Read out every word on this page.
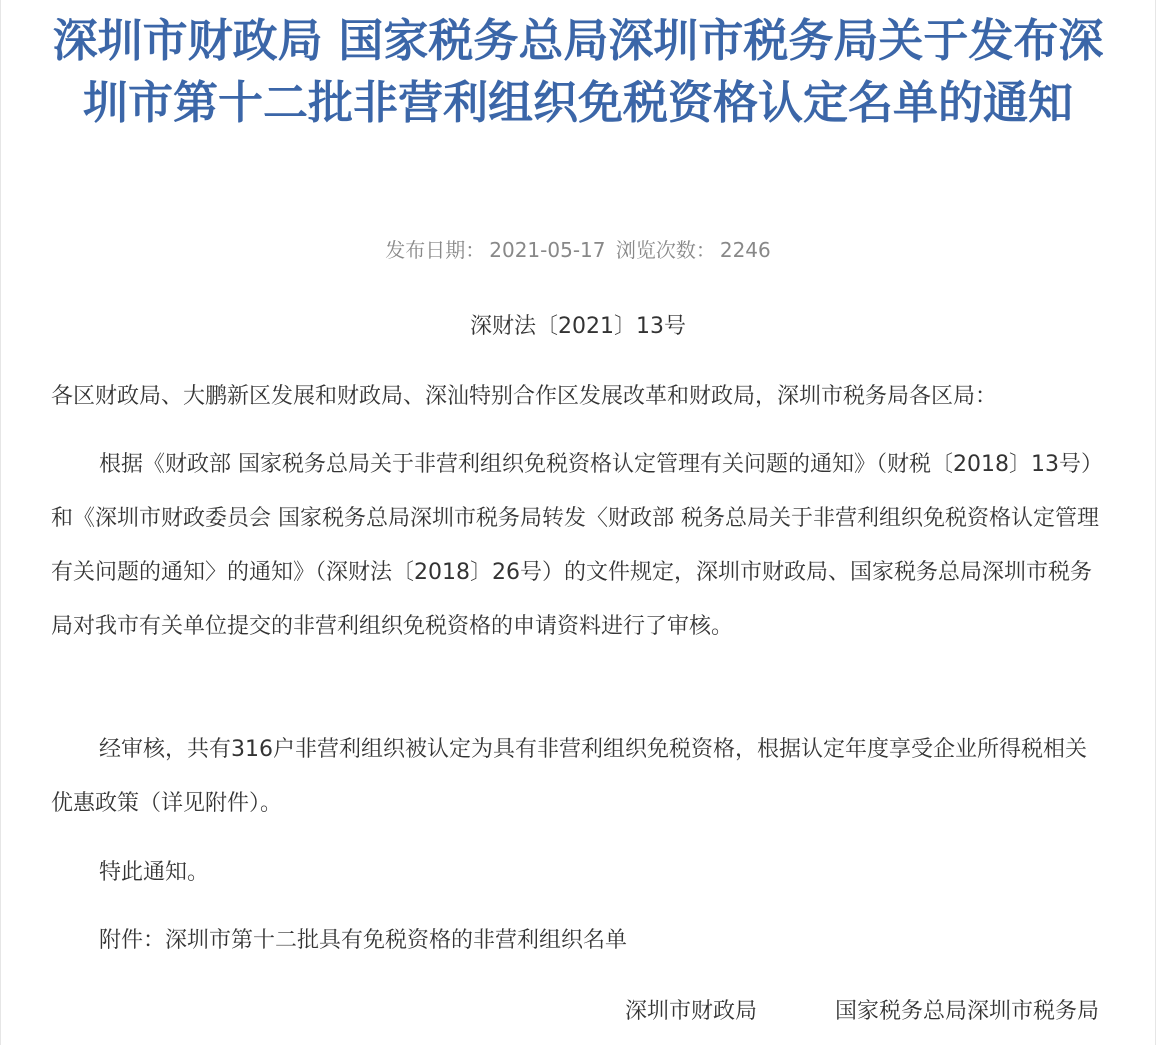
深圳市财政局 国家税务总局深圳市税务局关于发布深圳市第十二批非营利组织免税资格认定名单的通知
发布日期： 2021-05-17 浏览次数： 2246
深财法〔2021〕13号

各区财政局、大鹏新区发展和财政局、深汕特别合作区发展改革和财政局，深圳市税务局各区局：

根据《财政部 国家税务总局关于非营利组织免税资格认定管理有关问题的通知》（财税〔2018〕13号）和《深圳市财政委员会 国家税务总局深圳市税务局转发〈财政部 税务总局关于非营利组织免税资格认定管理有关问题的通知〉的通知》（深财法〔2018〕26号）的文件规定，深圳市财政局、国家税务总局深圳市税务局对我市有关单位提交的非营利组织免税资格的申请资料进行了审核。

经审核，共有316户非营利组织被认定为具有非营利组织免税资格，根据认定年度享受企业所得税相关优惠政策（详见附件）。

特此通知。

附件：深圳市第十二批具有免税资格的非营利组织名单

深圳市财政局	国家税务总局深圳市税务局
